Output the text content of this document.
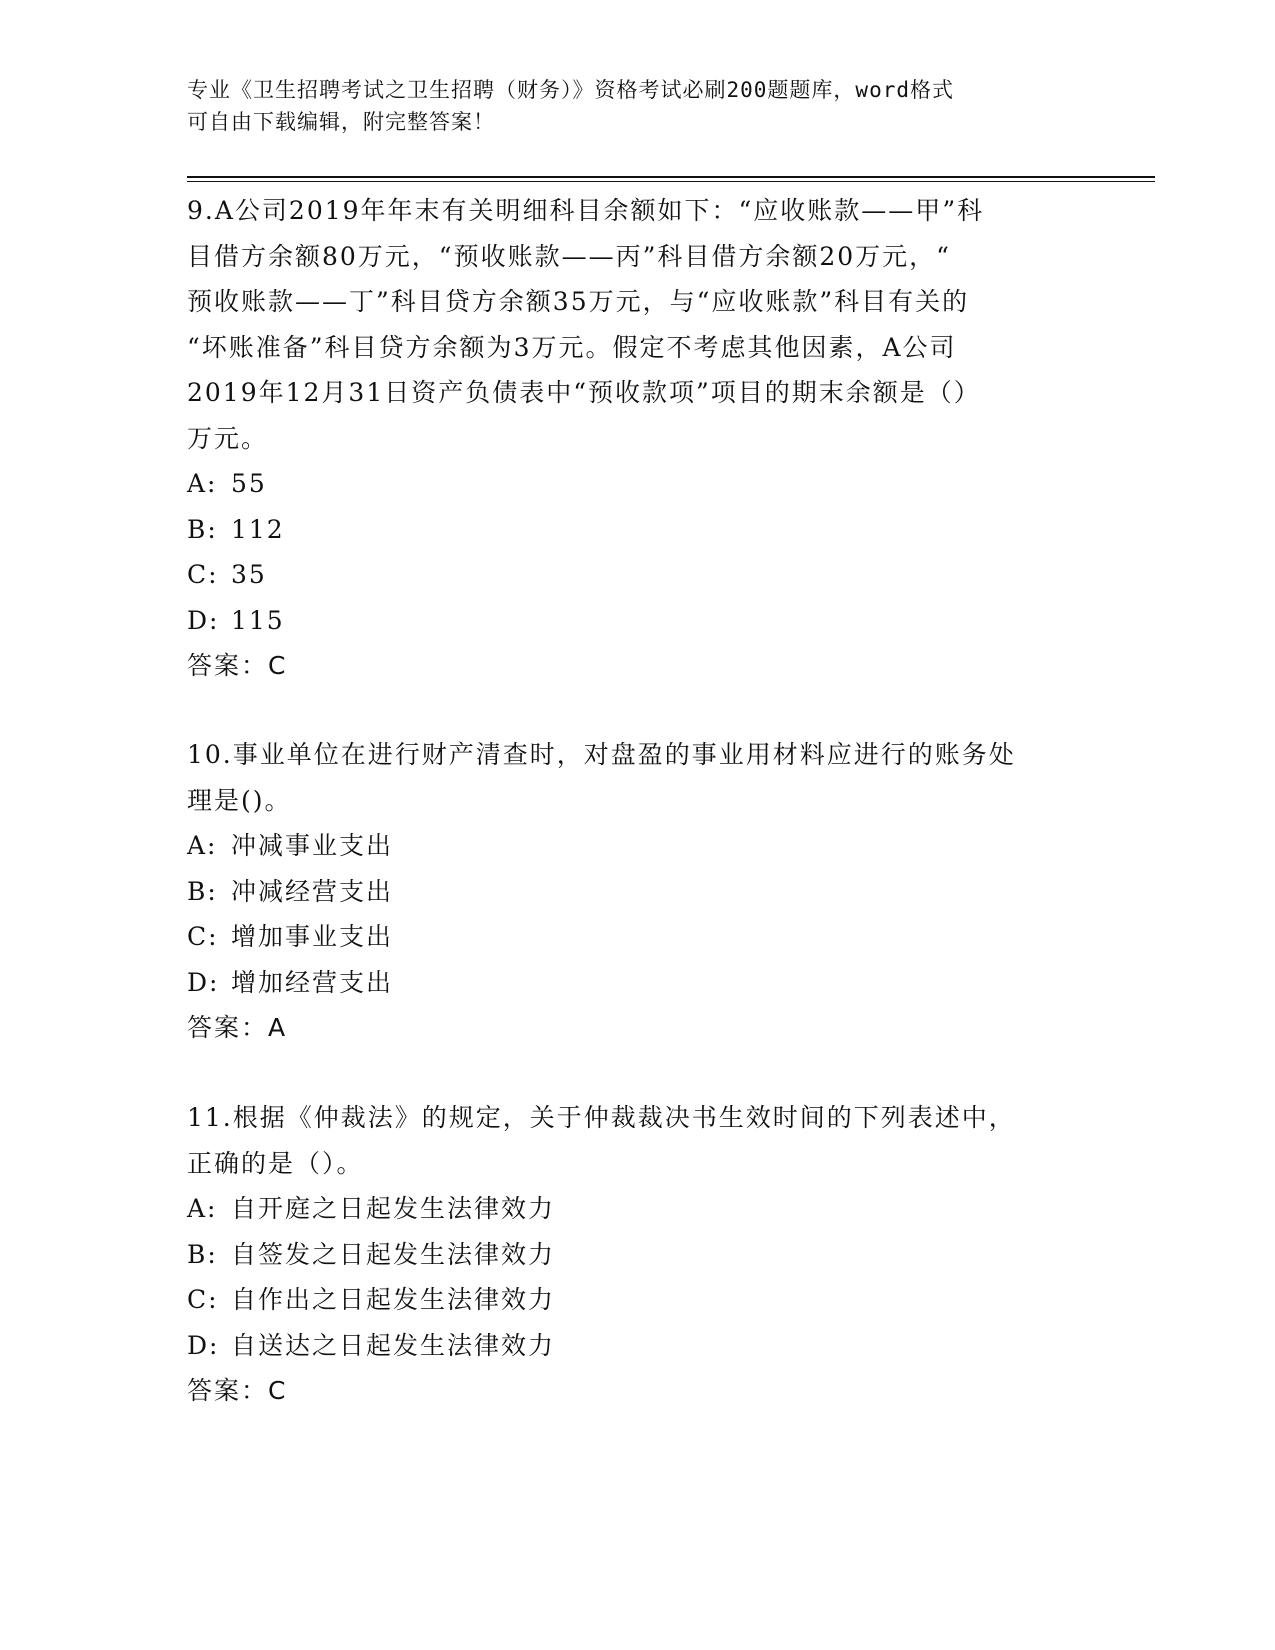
专业《卫生招聘考试之卫生招聘（财务）》资格考试必刷200题题库，word格式
可自由下载编辑，附完整答案！
9.A公司2019年年末有关明细科目余额如下：“应收账款——甲”科
目借方余额80万元，“预收账款——丙”科目借方余额20万元，“
预收账款——丁”科目贷方余额35万元，与“应收账款”科目有关的
“坏账准备”科目贷方余额为3万元。假定不考虑其他因素，A公司
2019年12月31日资产负债表中“预收款项”项目的期末余额是（）
万元。
A: 55
B: 112
C: 35
D: 115
答案：C
10.事业单位在进行财产清查时，对盘盈的事业用材料应进行的账务处
理是()。
A: 冲减事业支出
B: 冲减经营支出
C: 增加事业支出
D: 增加经营支出
答案：A
11.根据《仲裁法》的规定，关于仲裁裁决书生效时间的下列表述中，
正确的是（）。
A: 自开庭之日起发生法律效力
B: 自签发之日起发生法律效力
C: 自作出之日起发生法律效力
D: 自送达之日起发生法律效力
答案：C
